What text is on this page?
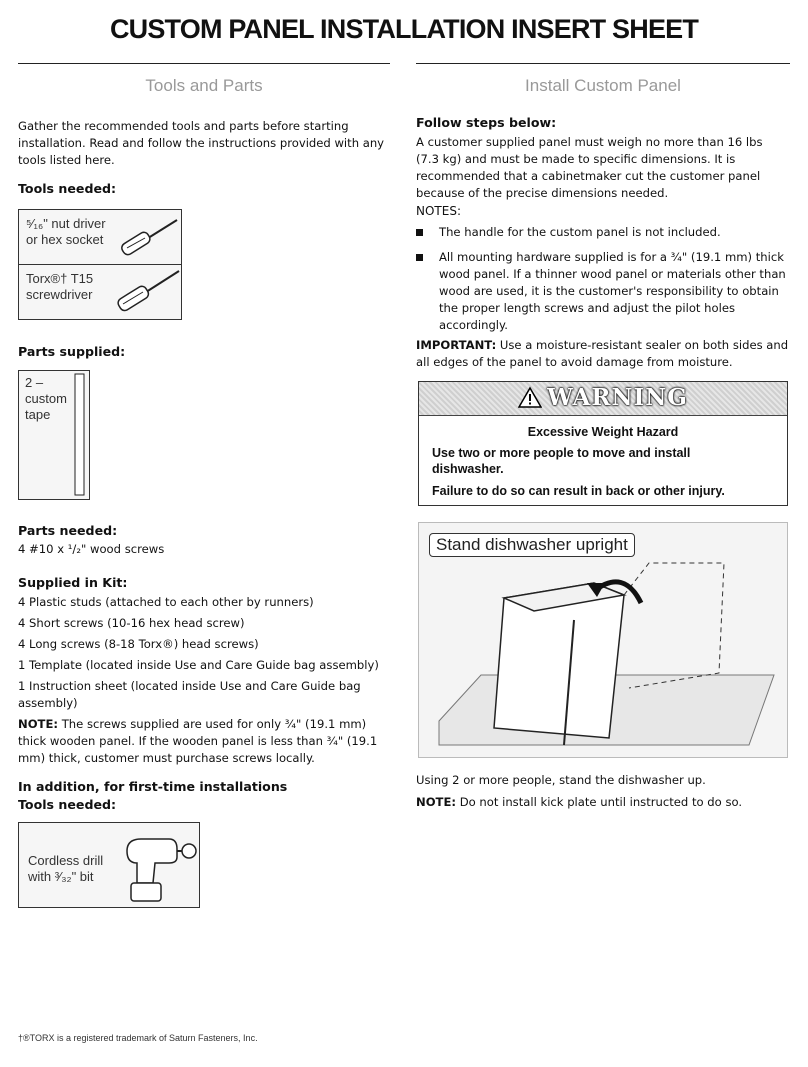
CUSTOM PANEL INSTALLATION INSERT SHEET
Tools and Parts
Gather the recommended tools and parts before starting installation. Read and follow the instructions provided with any tools listed here.
Tools needed:
⁵⁄₁₆" nut driver
or hex socket
Torx®† T15
screwdriver
Parts supplied:
2 –
custom
tape
Parts needed:
4 #10 x ¹/₂" wood screws
Supplied in Kit:
4 Plastic studs (attached to each other by runners)
4 Short screws (10-16 hex head screw)
4 Long screws (8-18 Torx®) head screws)
1 Template (located inside Use and Care Guide bag assembly)
1 Instruction sheet (located inside Use and Care Guide bag assembly)
NOTE: The screws supplied are used for only ³⁄₄" (19.1 mm) thick wooden panel. If the wooden panel is less than ³⁄₄" (19.1 mm) thick, customer must purchase screws locally.
In addition, for first-time installations
Tools needed:
Cordless drill
with ³⁄₃₂" bit
†®TORX is a registered trademark of Saturn Fasteners, Inc.
Install Custom Panel
Follow steps below:
A customer supplied panel must weigh no more than 16 lbs (7.3 kg) and must be made to specific dimensions. It is recommended that a cabinetmaker cut the customer panel because of the precise dimensions needed.
NOTES:
The handle for the custom panel is not included.
All mounting hardware supplied is for a ³⁄₄" (19.1 mm) thick wood panel. If a thinner wood panel or materials other than wood are used, it is the customer's responsibility to obtain the proper length screws and adjust the pilot holes accordingly.
IMPORTANT: Use a moisture-resistant sealer on both sides and all edges of the panel to avoid damage from moisture.
WARNING
Excessive Weight Hazard
Use two or more people to move and install dishwasher.
Failure to do so can result in back or other injury.
Stand dishwasher upright
Using 2 or more people, stand the dishwasher up.
NOTE: Do not install kick plate until instructed to do so.
